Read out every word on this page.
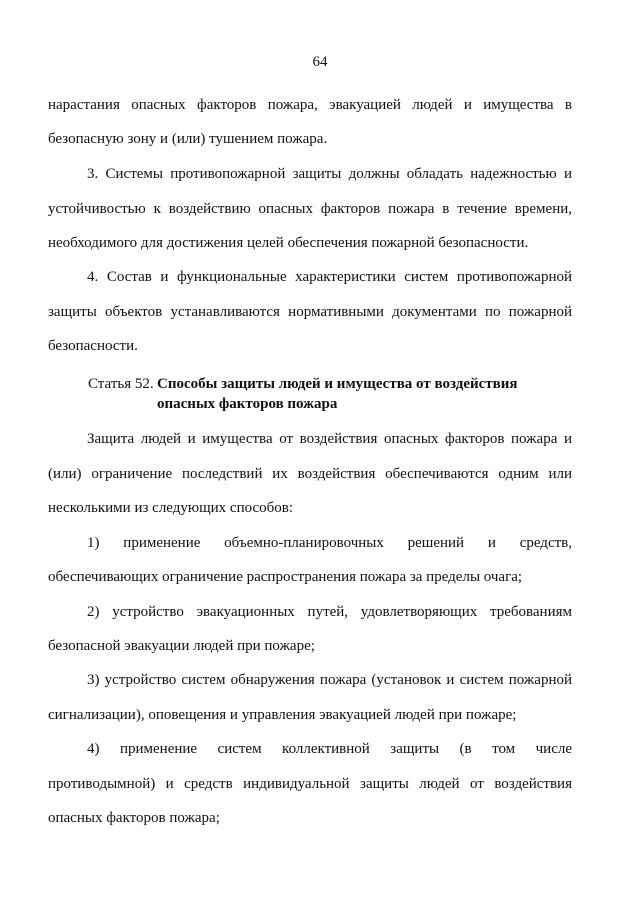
64
нарастания опасных факторов пожара, эвакуацией людей и имущества в
безопасную зону и (или) тушением пожара.
3. Системы противопожарной защиты должны обладать надежностью и
устойчивостью к воздействию опасных факторов пожара в течение времени,
необходимого для достижения целей обеспечения пожарной безопасности.
4. Состав и функциональные характеристики систем противопожарной
защиты объектов устанавливаются нормативными документами по пожарной
безопасности.
Статья 52. Способы защиты людей и имущества от воздействия
опасных факторов пожара
Защита людей и имущества от воздействия опасных факторов пожара и
(или) ограничение последствий их воздействия обеспечиваются одним или
несколькими из следующих способов:
1) применение объемно-планировочных решений и средств,
обеспечивающих ограничение распространения пожара за пределы очага;
2) устройство эвакуационных путей, удовлетворяющих требованиям
безопасной эвакуации людей при пожаре;
3) устройство систем обнаружения пожара (установок и систем пожарной
сигнализации), оповещения и управления эвакуацией людей при пожаре;
4) применение систем коллективной защиты (в том числе
противодымной) и средств индивидуальной защиты людей от воздействия
опасных факторов пожара;
